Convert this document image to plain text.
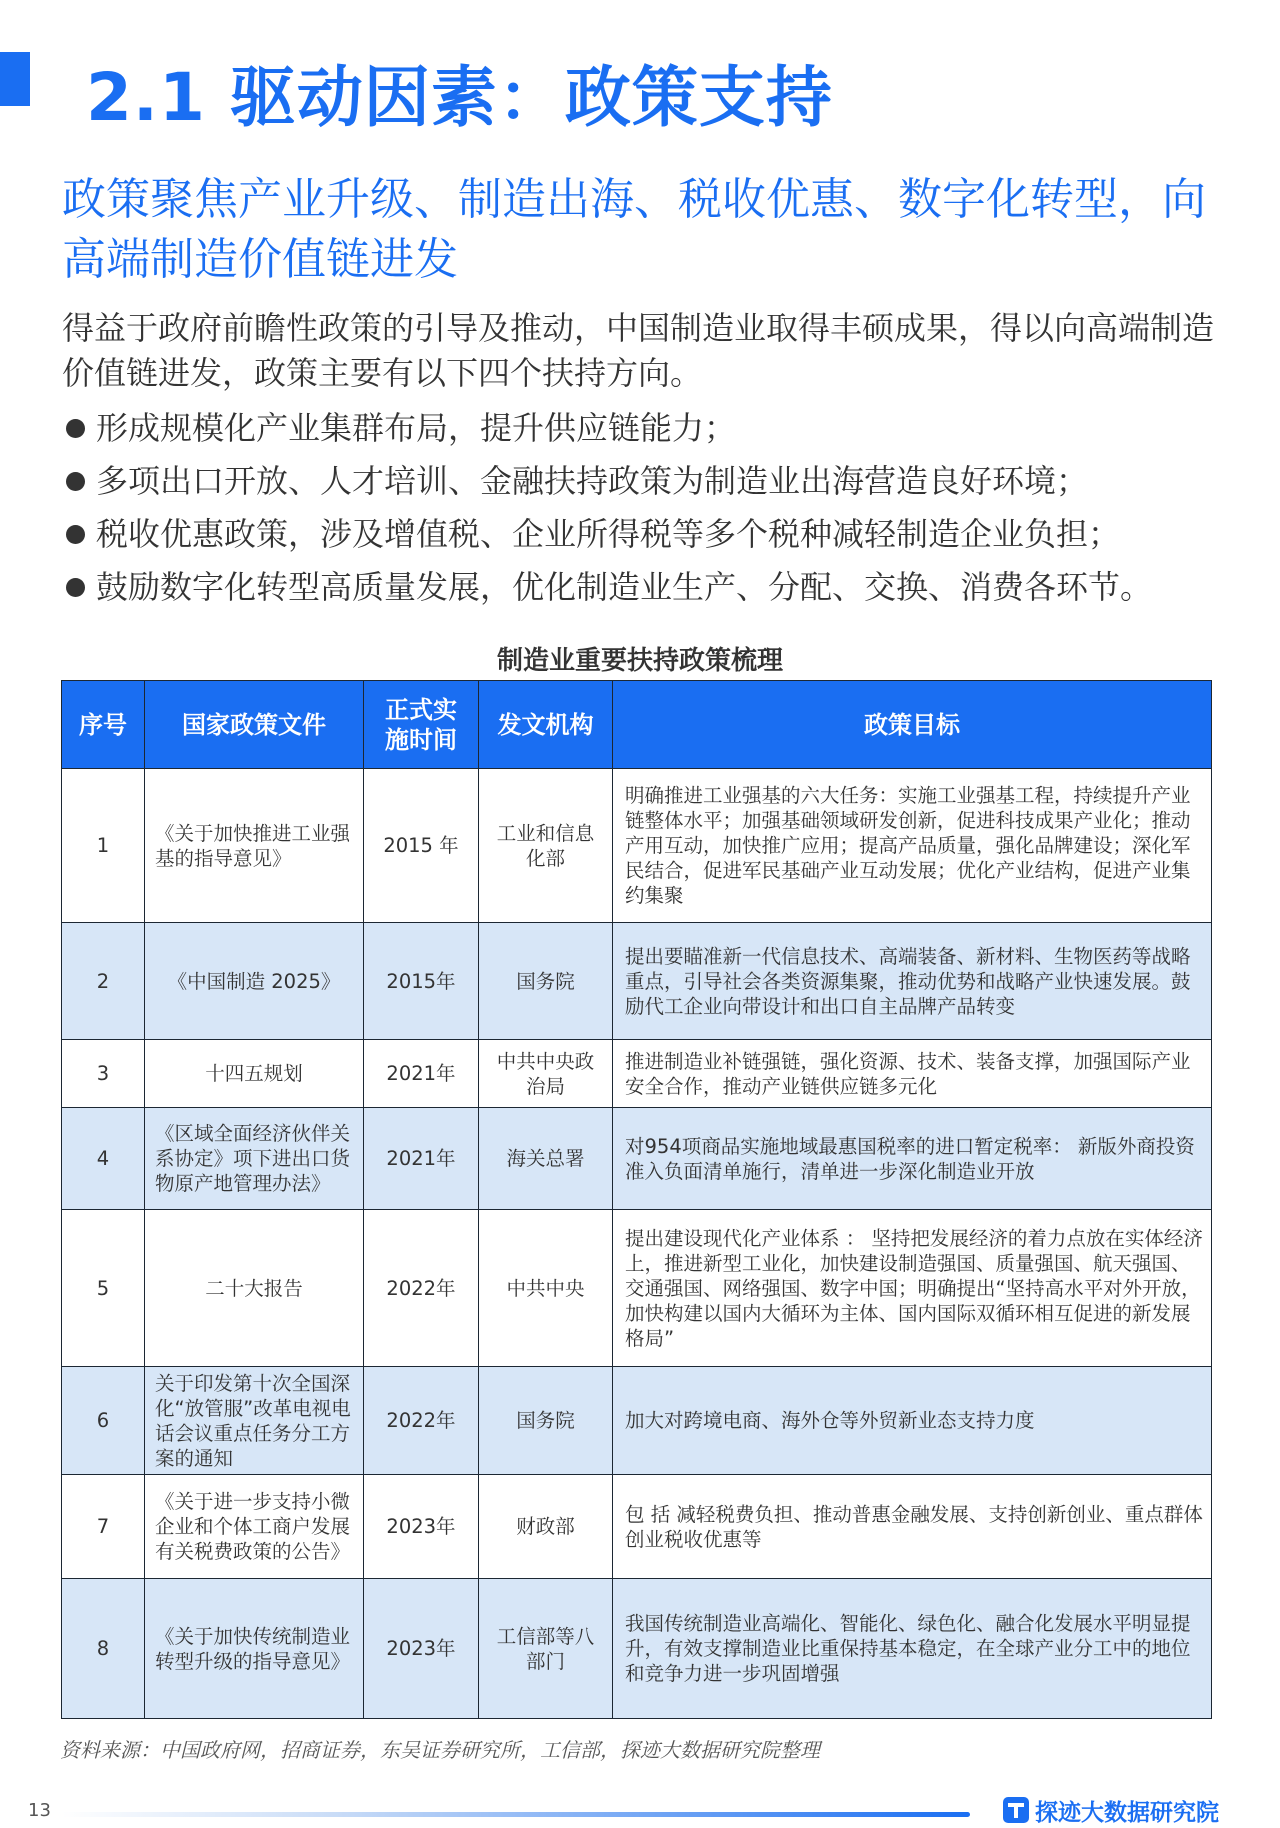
2.1 驱动因素：政策支持
政策聚焦产业升级、制造出海、税收优惠、数字化转型，向高端制造价值链进发

得益于政府前瞻性政策的引导及推动，中国制造业取得丰硕成果，得以向高端制造价值链进发，政策主要有以下四个扶持方向。

形成规模化产业集群布局，提升供应链能力；
多项出口开放、人才培训、金融扶持政策为制造业出海营造良好环境；
税收优惠政策，涉及增值税、企业所得税等多个税种减轻制造企业负担；
鼓励数字化转型高质量发展，优化制造业生产、分配、交换、消费各环节。
制造业重要扶持政策梳理
序号	国家政策文件	正式实施时间	发文机构	政策目标
1	《关于加快推进工业强基的指导意见》	2015 年	工业和信息化部	明确推进工业强基的六大任务：实施工业强基工程，持续提升产业链整体水平；加强基础领域研发创新，促进科技成果产业化；推动产用互动，加快推广应用；提高产品质量，强化品牌建设；深化军民结合，促进军民基础产业互动发展；优化产业结构，促进产业集约集聚
2	《中国制造 2025》	2015年	国务院	提出要瞄准新一代信息技术、高端装备、新材料、生物医药等战略重点，引导社会各类资源集聚，推动优势和战略产业快速发展。鼓励代工企业向带设计和出口自主品牌产品转变
3	十四五规划	2021年	中共中央政治局	推进制造业补链强链，强化资源、技术、装备支撑，加强国际产业安全合作，推动产业链供应链多元化
4	《区域全面经济伙伴关系协定》项下进出口货物原产地管理办法》	2021年	海关总署	对954项商品实施地域最惠国税率的进口暂定税率： 新版外商投资准入负面清单施行，清单进一步深化制造业开放
5	二十大报告	2022年	中共中央	提出建设现代化产业体系 ： 坚持把发展经济的着力点放在实体经济上，推进新型工业化，加快建设制造强国、质量强国、航天强国、交通强国、网络强国、数字中国；明确提出“坚持高水平对外开放，加快构建以国内大循环为主体、国内国际双循环相互促进的新发展格局”
6	关于印发第十次全国深化“放管服”改革电视电话会议重点任务分工方案的通知	2022年	国务院	加大对跨境电商、海外仓等外贸新业态支持力度
7	《关于进一步支持小微企业和个体工商户发展有关税费政策的公告》	2023年	财政部	包 括 减轻税费负担、推动普惠金融发展、支持创新创业、重点群体创业税收优惠等
8	《关于加快传统制造业转型升级的指导意见》	2023年	工信部等八部门	我国传统制造业高端化、智能化、绿色化、融合化发展水平明显提升，有效支撑制造业比重保持基本稳定，在全球产业分工中的地位和竞争力进一步巩固增强
资料来源：中国政府网，招商证券，东吴证券研究所，工信部，探迹大数据研究院整理
13	探迹大数据研究院
